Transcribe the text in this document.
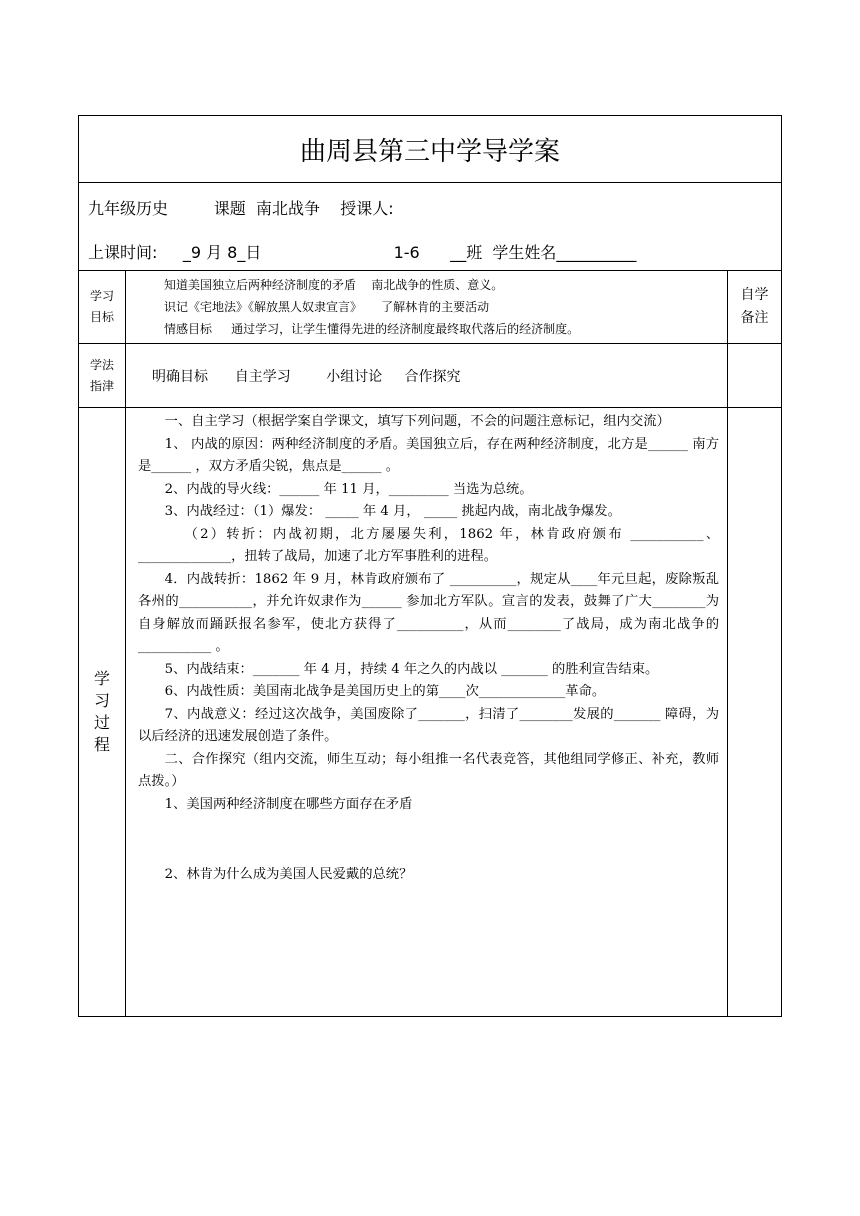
曲周县第三中学导学案
九年级历史         课题  南北战争    授课人:
上课时间:     _9 月 8_日                          1-6      __班  学生姓名__________
学习
目标
知道美国独立后两种经济制度的矛盾    南北战争的性质、意义。
识记《宅地法》《解放黑人奴隶宣言》     了解林肯的主要活动
情感目标     通过学习，让学生懂得先进的经济制度最终取代落后的经济制度。
自学
备注
学法
指津
明确目标      自主学习        小组讨论     合作探究
学
习
过
程

一、自主学习（根据学案自学课文，填写下列问题，不会的问题注意标记，组内交流）

1、 内战的原因：两种经济制度的矛盾。美国独立后，存在两种经济制度，北方是______ 南方是______ ，双方矛盾尖锐，焦点是______ 。

2、内战的导火线：______ 年 11 月，_________ 当选为总统。

3、内战经过：（1）爆发： _____ 年 4 月， _____ 挑起内战，南北战争爆发。

（2）转折：内战初期，北方屡屡失利，1862 年，林肯政府颁布 ___________、______________，扭转了战局，加速了北方军事胜利的进程。

4．内战转折：1862 年 9 月，林肯政府颁布了 __________，规定从____年元旦起，废除叛乱各州的___________，并允许奴隶作为______ 参加北方军队。宣言的发表，鼓舞了广大________为自身解放而踊跃报名参军，使北方获得了__________，从而________了战局，成为南北战争的___________ 。

5、内战结束：_______ 年 4 月，持续 4 年之久的内战以 _______ 的胜利宣告结束。

6、内战性质：美国南北战争是美国历史上的第____次_____________革命。

7、内战意义：经过这次战争，美国废除了_______，扫清了________发展的_______ 障碍，为以后经济的迅速发展创造了条件。

二、合作探究（组内交流，师生互动；每小组推一名代表竞答，其他组同学修正、补充，教师点拨。）

1、美国两种经济制度在哪些方面存在矛盾

2、林肯为什么成为美国人民爱戴的总统？
